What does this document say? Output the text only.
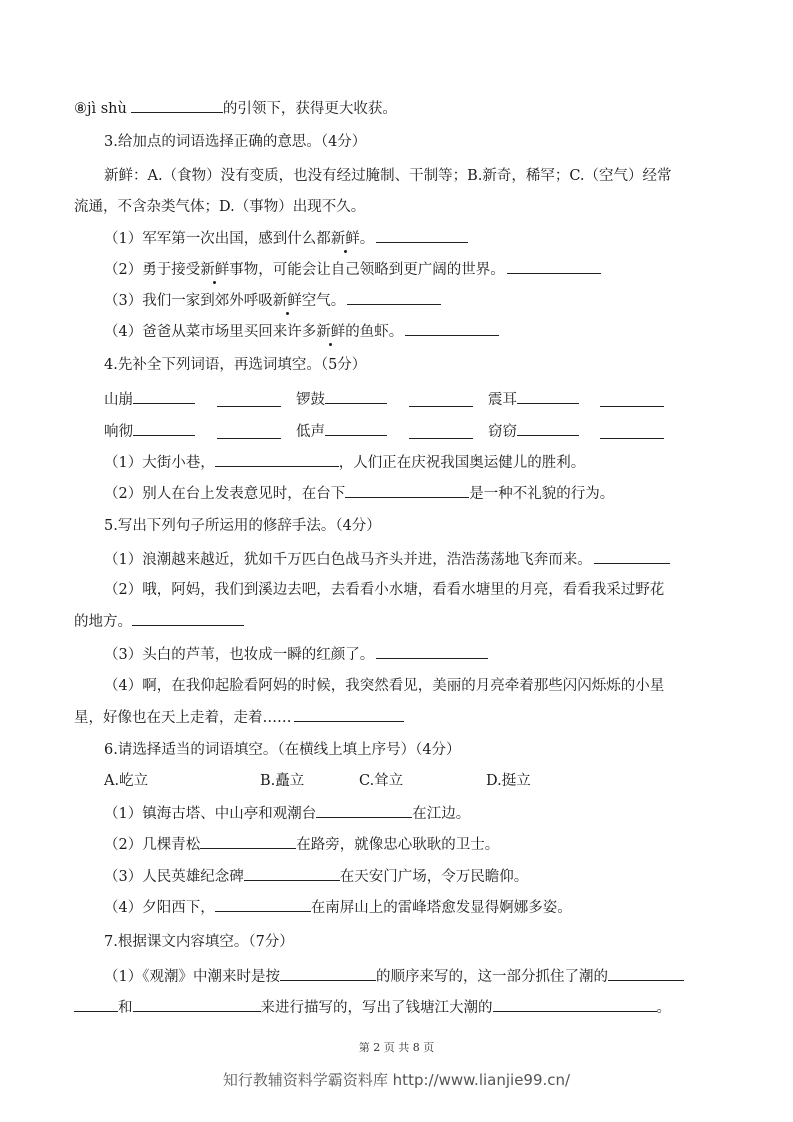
⑧jì shù	的引领下，获得更大收获。
3.给加点的词语选择正确的意思。（4分）
新鲜：A.（食物）没有变质，也没有经过腌制、干制等；B.新奇，稀罕；C.（空气）经常
流通，不含杂类气体；D.（事物）出现不久。
（1）军军第一次出国，感到什么都新鲜。
（2）勇于接受新鲜事物，可能会让自己领略到更广阔的世界。
（3）我们一家到郊外呼吸新鲜空气。
（4）爸爸从菜市场里买回来许多新鲜的鱼虾。
4.先补全下列词语，再选词填空。（5分）
山崩	锣鼓	震耳
响彻	低声	窃窃
（1）大街小巷，	，人们正在庆祝我国奥运健儿的胜利。
（2）别人在台上发表意见时，在台下	是一种不礼貌的行为。
5.写出下列句子所运用的修辞手法。（4分）
（1）浪潮越来越近，犹如千万匹白色战马齐头并进，浩浩荡荡地飞奔而来。
（2）哦，阿妈，我们到溪边去吧，去看看小水塘，看看水塘里的月亮，看看我采过野花
的地方。
（3）头白的芦苇，也妆成一瞬的红颜了。
（4）啊，在我仰起脸看阿妈的时候，我突然看见，美丽的月亮牵着那些闪闪烁烁的小星
星，好像也在天上走着，走着……
6.请选择适当的词语填空。（在横线上填上序号）（4分）
A.屹立	B.矗立	C.耸立	D.挺立
（1）镇海古塔、中山亭和观潮台	在江边。
（2）几棵青松	在路旁，就像忠心耿耿的卫士。
（3）人民英雄纪念碑	在天安门广场，令万民瞻仰。
（4）夕阳西下，	在南屏山上的雷峰塔愈发显得婀娜多姿。
7.根据课文内容填空。（7分）
（1）《观潮》中潮来时是按	的顺序来写的，这一部分抓住了潮的
和	来进行描写的，写出了钱塘江大潮的	。
第 2 页 共 8 页
知行教辅资料学霸资料库 http://www.lianjie99.cn/
